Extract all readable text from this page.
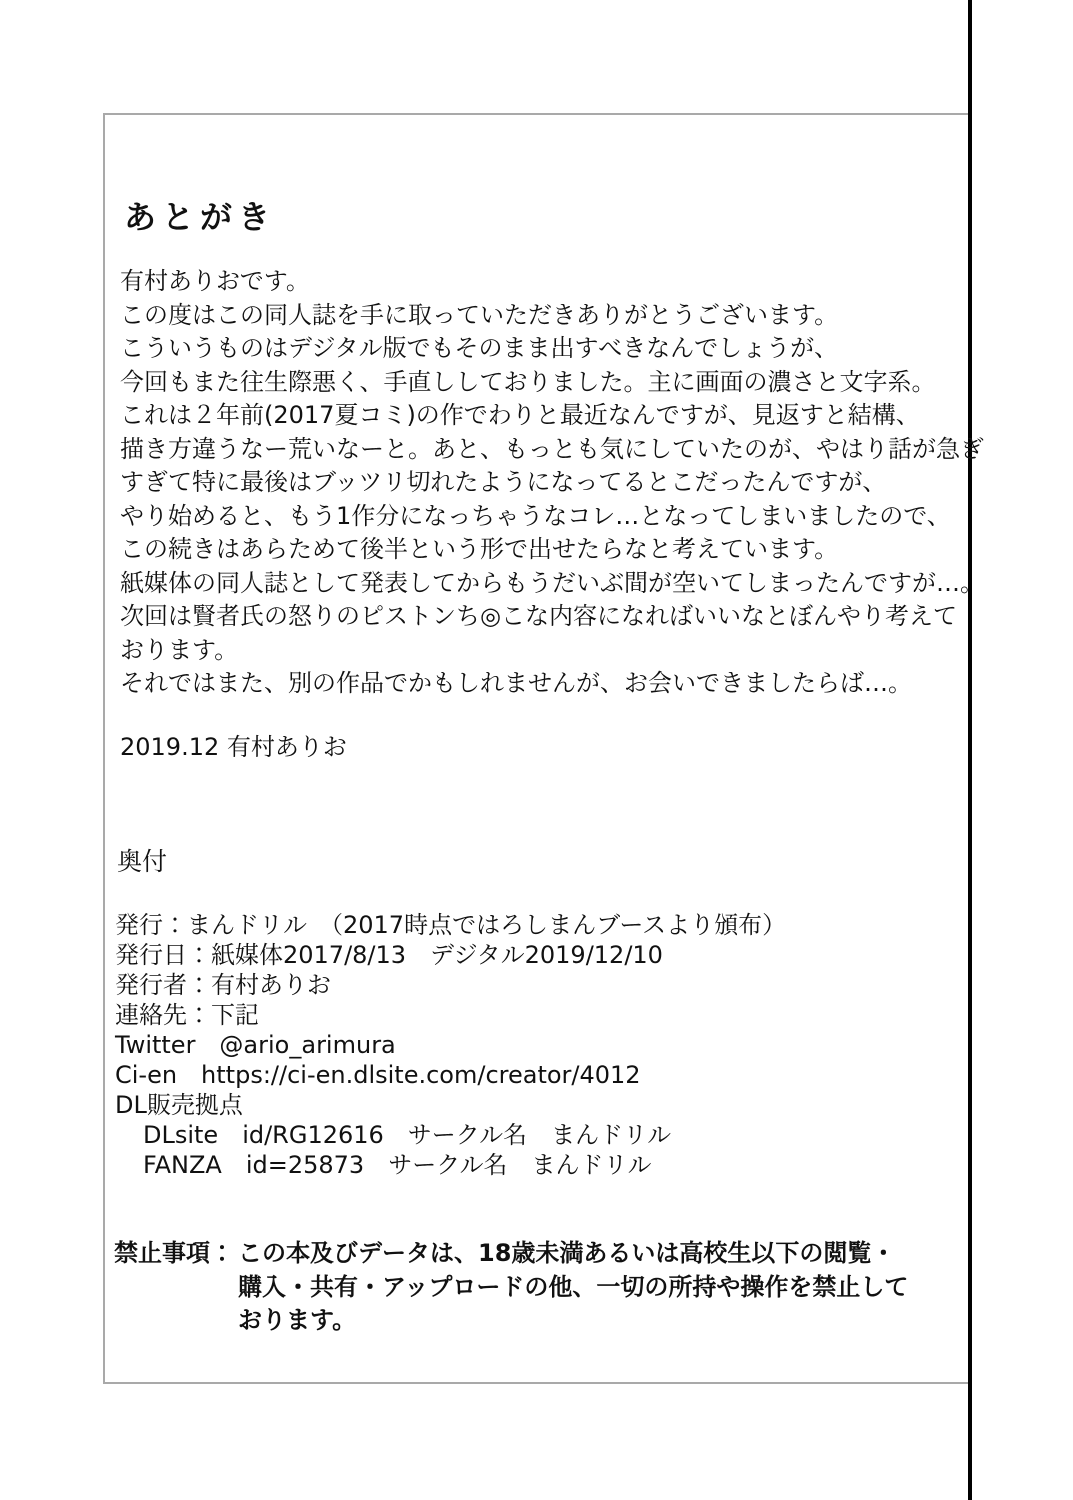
あとがき
有村ありおです。
この度はこの同人誌を手に取っていただきありがとうございます。
こういうものはデジタル版でもそのまま出すべきなんでしょうが、
今回もまた往生際悪く、手直ししておりました。主に画面の濃さと文字系。
これは２年前(2017夏コミ)の作でわりと最近なんですが、見返すと結構、
描き方違うなー荒いなーと。あと、もっとも気にしていたのが、やはり話が急ぎ
すぎて特に最後はブッツリ切れたようになってるとこだったんですが、
やり始めると、もう1作分になっちゃうなコレ…となってしまいましたので、
この続きはあらためて後半という形で出せたらなと考えています。
紙媒体の同人誌として発表してからもうだいぶ間が空いてしまったんですが…。
次回は賢者氏の怒りのピストンち◎こな内容になればいいなとぼんやり考えて
おります。
それではまた、別の作品でかもしれませんが、お会いできましたらば…。
2019.12 有村ありお
奥付
発行：まんドリル　（2017時点ではろしまんブースより頒布）
発行日：紙媒体2017/8/13　デジタル2019/12/10
発行者：有村ありお
連絡先：下記
Twitter　@ario_arimura
Ci-en　https://ci-en.dlsite.com/creator/4012
DL販売拠点
DLsite　id/RG12616　サークル名　まんドリル
FANZA　id=25873　サークル名　まんドリル
禁止事項： この本及びデータは、18歳未満あるいは高校生以下の閲覧・
購入・共有・アップロードの他、一切の所持や操作を禁止して
おります。
